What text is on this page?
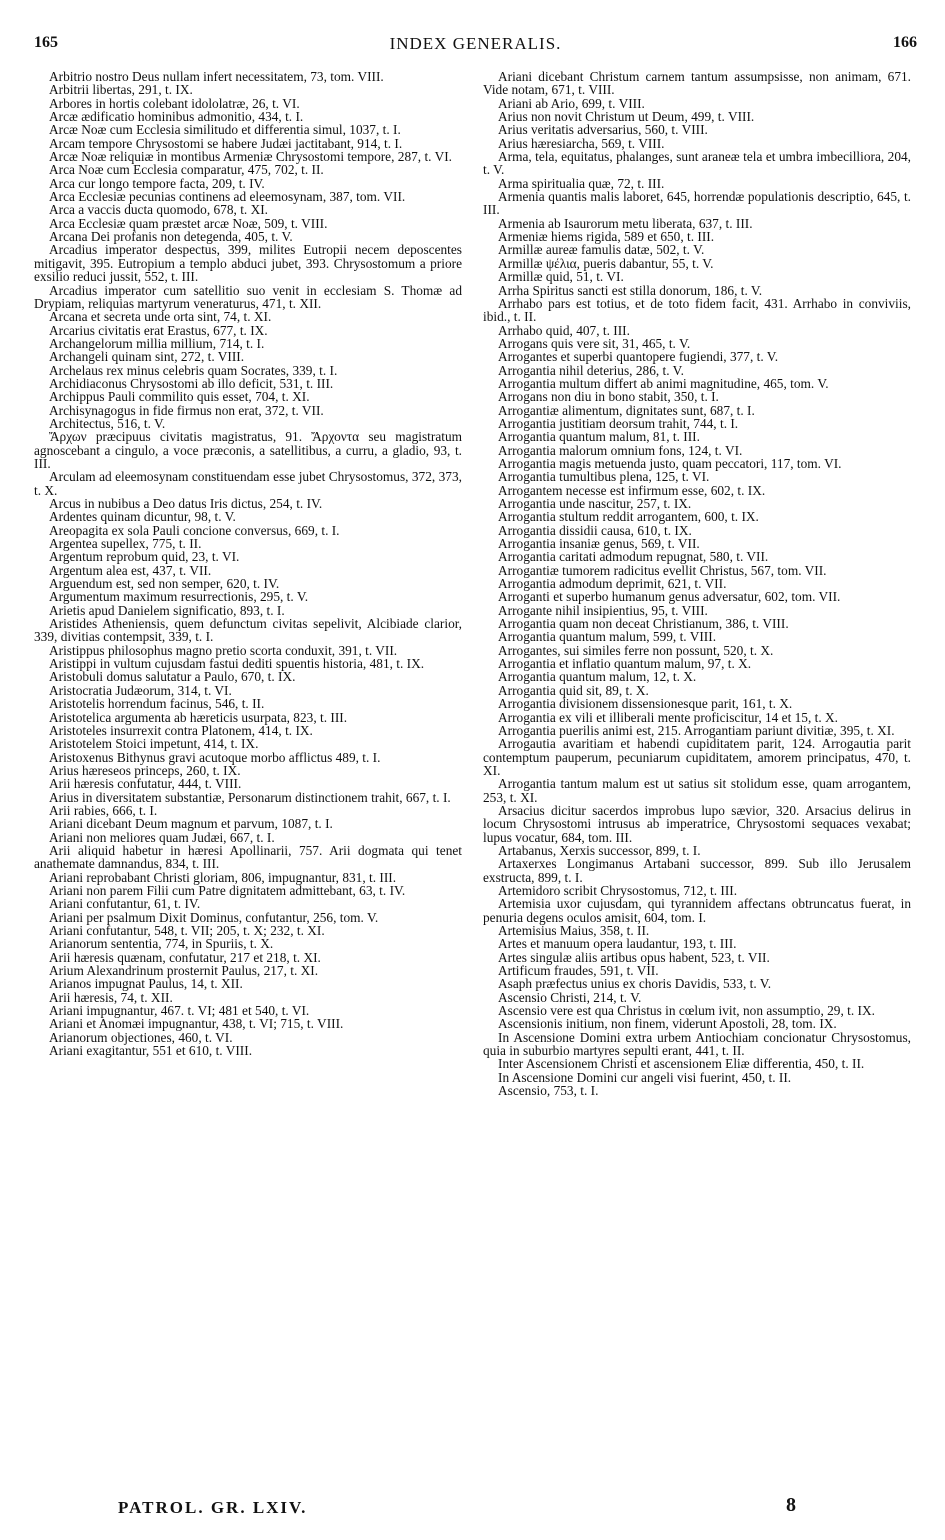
165	INDEX GENERALIS.	166

Arbitrio nostro Deus nullam infert necessitatem, 73, tom. VIII.

Arbitrii libertas, 291, t. IX.

Arbores in hortis colebant idololatræ, 26, t. VI.

Arcæ ædificatio hominibus admonitio, 434, t. I.

Arcæ Noæ cum Ecclesia similitudo et differentia simul, 1037, t. I.

Arcam tempore Chrysostomi se habere Judæi jactitabant, 914, t. I.

Arcæ Noæ reliquiæ in montibus Armeniæ Chrysostomi tempore, 287, t. VI.

Arca Noæ cum Ecclesia comparatur, 475, 702, t. II.

Arca cur longo tempore facta, 209, t. IV.

Arca Ecclesiæ pecunias continens ad eleemosynam, 387, tom. VII.

Arca a vaccis ducta quomodo, 678, t. XI.

Arca Ecclesiæ quam præstet arcæ Noæ, 509, t. VIII.

Arcana Dei profanis non detegenda, 405, t. V.

Arcadius imperator despectus, 399, milites Eutropii necem deposcentes mitigavit, 395. Eutropium a templo abduci jubet, 393. Chrysostomum a priore exsilio reduci jussit, 552, t. III.

Arcadius imperator cum satellitio suo venit in ecclesiam S. Thomæ ad Drypiam, reliquias martyrum veneraturus, 471, t. XII.

Arcana et secreta unde orta sint, 74, t. XI.

Arcarius civitatis erat Erastus, 677, t. IX.

Archangelorum millia millium, 714, t. I.

Archangeli quinam sint, 272, t. VIII.

Archelaus rex minus celebris quam Socrates, 339, t. I.

Archidiaconus Chrysostomi ab illo deficit, 531, t. III.

Archippus Pauli commilito quis esset, 704, t. XI.

Archisynagogus in fide firmus non erat, 372, t. VII.

Architectus, 516, t. V.

Ἄρχων præcipuus civitatis magistratus, 91. Ἄρχοντα seu magistratum agnoscebant a cingulo, a voce præconis, a satellitibus, a curru, a gladio, 93, t. III.

Arculam ad eleemosynam constituendam esse jubet Chrysostomus, 372, 373, t. X.

Arcus in nubibus a Deo datus Iris dictus, 254, t. IV.

Ardentes quinam dicuntur, 98, t. V.

Areopagita ex sola Pauli concione conversus, 669, t. I.

Argentea supellex, 775, t. II.

Argentum reprobum quid, 23, t. VI.

Argentum alea est, 437, t. VII.

Arguendum est, sed non semper, 620, t. IV.

Argumentum maximum resurrectionis, 295, t. V.

Arietis apud Danielem significatio, 893, t. I.

Aristides Atheniensis, quem defunctum civitas sepelivit, Alcibiade clarior, 339, divitias contempsit, 339, t. I.

Aristippus philosophus magno pretio scorta conduxit, 391, t. VII.

Aristippi in vultum cujusdam fastui dediti spuentis historia, 481, t. IX.

Aristobuli domus salutatur a Paulo, 670, t. IX.

Aristocratia Judæorum, 314, t. VI.

Aristotelis horrendum facinus, 546, t. II.

Aristotelica argumenta ab hæreticis usurpata, 823, t. III.

Aristoteles insurrexit contra Platonem, 414, t. IX.

Aristotelem Stoici impetunt, 414, t. IX.

Aristoxenus Bithynus gravi acutoque morbo afflictus 489, t. I.

Arius hæreseos princeps, 260, t. IX.

Arii hæresis confutatur, 444, t. VIII.

Arius in diversitatem substantiæ, Personarum distinctionem trahit, 667, t. I.

Arii rabies, 666, t. I.

Ariani dicebant Deum magnum et parvum, 1087, t. I.

Ariani non meliores quam Judæi, 667, t. I.

Arii aliquid habetur in hæresi Apollinarii, 757. Arii dogmata qui tenet anathemate damnandus, 834, t. III.

Ariani reprobabant Christi gloriam, 806, impugnantur, 831, t. III.

Ariani non parem Filii cum Patre dignitatem admittebant, 63, t. IV.

Ariani confutantur, 61, t. IV.

Ariani per psalmum Dixit Dominus, confutantur, 256, tom. V.

Ariani confutantur, 548, t. VII; 205, t. X; 232, t. XI.

Arianorum sententia, 774, in Spuriis, t. X.

Arii hæresis quænam, confutatur, 217 et 218, t. XI.

Arium Alexandrinum prosternit Paulus, 217, t. XI.

Arianos impugnat Paulus, 14, t. XII.

Arii hæresis, 74, t. XII.

Ariani impugnantur, 467. t. VI; 481 et 540, t. VI.

Ariani et Anomæi impugnantur, 438, t. VI; 715, t. VIII.

Arianorum objectiones, 460, t. VI.

Ariani exagitantur, 551 et 610, t. VIII.

Ariani dicebant Christum carnem tantum assumpsisse, non animam, 671. Vide notam, 671, t. VIII.

Ariani ab Ario, 699, t. VIII.

Arius non novit Christum ut Deum, 499, t. VIII.

Arius veritatis adversarius, 560, t. VIII.

Arius hæresiarcha, 569, t. VIII.

Arma, tela, equitatus, phalanges, sunt araneæ tela et umbra imbecilliora, 204, t. V.

Arma spiritualia quæ, 72, t. III.

Armenia quantis malis laboret, 645, horrendæ populationis descriptio, 645, t. III.

Armenia ab Isaurorum metu liberata, 637, t. III.

Armeniæ hiems rigida, 589 et 650, t. III.

Armillæ aureæ famulis datæ, 502, t. V.

Armillæ ψέλια, pueris dabantur, 55, t. V.

Armillæ quid, 51, t. VI.

Arrha Spiritus sancti est stilla donorum, 186, t. V.

Arrhabo pars est totius, et de toto fidem facit, 431. Arrhabo in conviviis, ibid., t. II.

Arrhabo quid, 407, t. III.

Arrogans quis vere sit, 31, 465, t. V.

Arrogantes et superbi quantopere fugiendi, 377, t. V.

Arrogantia nihil deterius, 286, t. V.

Arrogantia multum differt ab animi magnitudine, 465, tom. V.

Arrogans non diu in bono stabit, 350, t. I.

Arrogantiæ alimentum, dignitates sunt, 687, t. I.

Arrogantia justitiam deorsum trahit, 744, t. I.

Arrogantia quantum malum, 81, t. III.

Arrogantia malorum omnium fons, 124, t. VI.

Arrogantia magis metuenda justo, quam peccatori, 117, tom. VI.

Arrogantia tumultibus plena, 125, t. VI.

Arrogantem necesse est infirmum esse, 602, t. IX.

Arrogantia unde nascitur, 257, t. IX.

Arrogantia stultum reddit arrogantem, 600, t. IX.

Arrogantia dissidii causa, 610, t. IX.

Arrogantia insaniæ genus, 569, t. VII.

Arrogantia caritati admodum repugnat, 580, t. VII.

Arrogantiæ tumorem radicitus evellit Christus, 567, tom. VII.

Arrogantia admodum deprimit, 621, t. VII.

Arroganti et superbo humanum genus adversatur, 602, tom. VII.

Arrogante nihil insipientius, 95, t. VIII.

Arrogantia quam non deceat Christianum, 386, t. VIII.

Arrogantia quantum malum, 599, t. VIII.

Arrogantes, sui similes ferre non possunt, 520, t. X.

Arrogantia et inflatio quantum malum, 97, t. X.

Arrogantia quantum malum, 12, t. X.

Arrogantia quid sit, 89, t. X.

Arrogantia divisionem dissensionesque parit, 161, t. X.

Arrogantia ex vili et illiberali mente proficiscitur, 14 et 15, t. X.

Arrogantia puerilis animi est, 215. Arrogantiam pariunt divitiæ, 395, t. XI.

Arrogautia avaritiam et habendi cupiditatem parit, 124. Arrogautia parit contemptum pauperum, pecuniarum cupiditatem, amorem principatus, 470, t. XI.

Arrogantia tantum malum est ut satius sit stolidum esse, quam arrogantem, 253, t. XI.

Arsacius dicitur sacerdos improbus lupo sævior, 320. Arsacius delirus in locum Chrysostomi intrusus ab imperatrice, Chrysostomi sequaces vexabat; lupus vocatur, 684, tom. III.

Artabanus, Xerxis successor, 899, t. I.

Artaxerxes Longimanus Artabani successor, 899. Sub illo Jerusalem exstructa, 899, t. I.

Artemidoro scribit Chrysostomus, 712, t. III.

Artemisia uxor cujusdam, qui tyrannidem affectans obtruncatus fuerat, in penuria degens oculos amisit, 604, tom. I.

Artemisius Maius, 358, t. II.

Artes et manuum opera laudantur, 193, t. III.

Artes singulæ aliis artibus opus habent, 523, t. VII.

Artificum fraudes, 591, t. VII.

Asaph præfectus unius ex choris Davidis, 533, t. V.

Ascensio Christi, 214, t. V.

Ascensio vere est qua Christus in cœlum ivit, non assumptio, 29, t. IX.

Ascensionis initium, non finem, viderunt Apostoli, 28, tom. IX.

In Ascensione Domini extra urbem Antiochiam concionatur Chrysostomus, quia in suburbio martyres sepulti erant, 441, t. II.

Inter Ascensionem Christi et ascensionem Eliæ differentia, 450, t. II.

In Ascensione Domini cur angeli visi fuerint, 450, t. II.

Ascensio, 753, t. I.

PATROL. GR. LXIV.	8
